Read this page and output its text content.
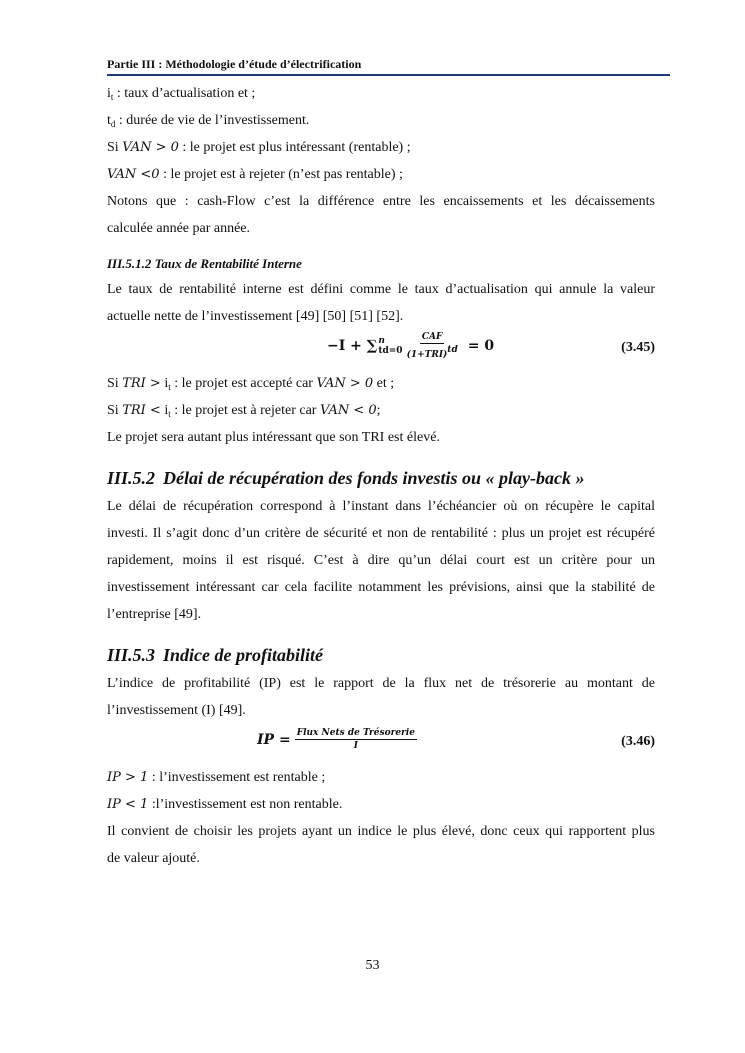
Partie III : Méthodologie d’étude d’électrification
$i_t$ : taux d’actualisation et ;
$t_d$ : durée de vie de l’investissement.
Si VAN > 0 : le projet est plus intéressant (rentable) ;
VAN <0 : le projet est à rejeter (n’est pas rentable) ;
Notons que : cash-Flow c’est la différence entre les encaissements et les décaissements
calculée année par année.
III.5.1.2 Taux de Rentabilité Interne
Le taux de rentabilité interne est défini comme le taux d’actualisation qui annule la valeur
actuelle nette de l’investissement [49] [50] [51] [52].
−I + ∑ n
$td=0 \frac{\text{CAF}}{\text{(1+TRI)td}} = 0$	(3.45)
Si TRI > $i_t$ : le projet est accepté car VAN > 0 et ;
Si TRI < $i_t$ : le projet est à rejeter car VAN < 0;
Le projet sera autant plus intéressant que son TRI est élevé.
III.5.2 Délai de récupération des fonds investis ou « play-back »
Le délai de récupération correspond à l’instant dans l’échéancier où on récupère le capital
investi. Il s’agit donc d’un critère de sécurité et non de rentabilité : plus un projet est récupéré
rapidement, moins il est risqué. C’est à dire qu’un délai court est un critère pour un
investissement intéressant car cela facilite notamment les prévisions, ainsi que la stabilité de
l’entreprise [49].
III.5.3 Indice de profitabilité
L’indice de profitabilité (IP) est le rapport de la flux net de trésorerie au montant de
l’investissement (I) [49].
IP = $\frac{\text{Flux Nets de Trésorerie}}{I}$	(3.46)
IP > 1 : l’investissement est rentable ;
IP < 1 :l’investissement est non rentable.
Il convient de choisir les projets ayant un indice le plus élevé, donc ceux qui rapportent plus
de valeur ajouté.
53
